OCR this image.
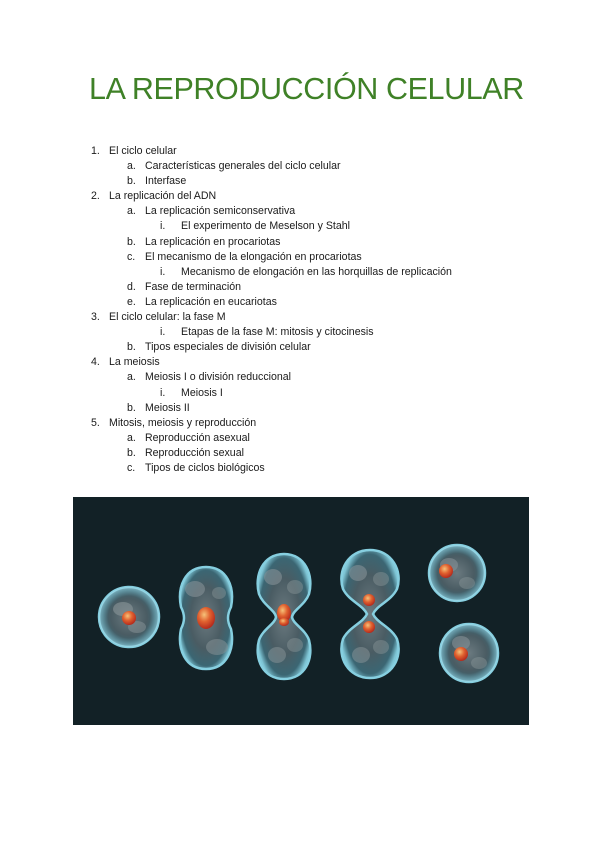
LA REPRODUCCIÓN CELULAR
1. El ciclo celular
a. Características generales del ciclo celular
b. Interfase
2. La replicación del ADN
a. La replicación semiconservativa
i. El experimento de Meselson y Stahl
b. La replicación en procariotas
c. El mecanismo de la elongación en procariotas
i. Mecanismo de elongación en las horquillas de replicación
d. Fase de terminación
e. La replicación en eucariotas
3. El ciclo celular: la fase M
i. Etapas de la fase M: mitosis y citocinesis
b. Tipos especiales de división celular
4. La meiosis
a. Meiosis I o división reduccional
i. Meiosis I
b. Meiosis II
5. Mitosis, meiosis y reproducción
a. Reproducción asexual
b. Reproducción sexual
c. Tipos de ciclos biológicos
